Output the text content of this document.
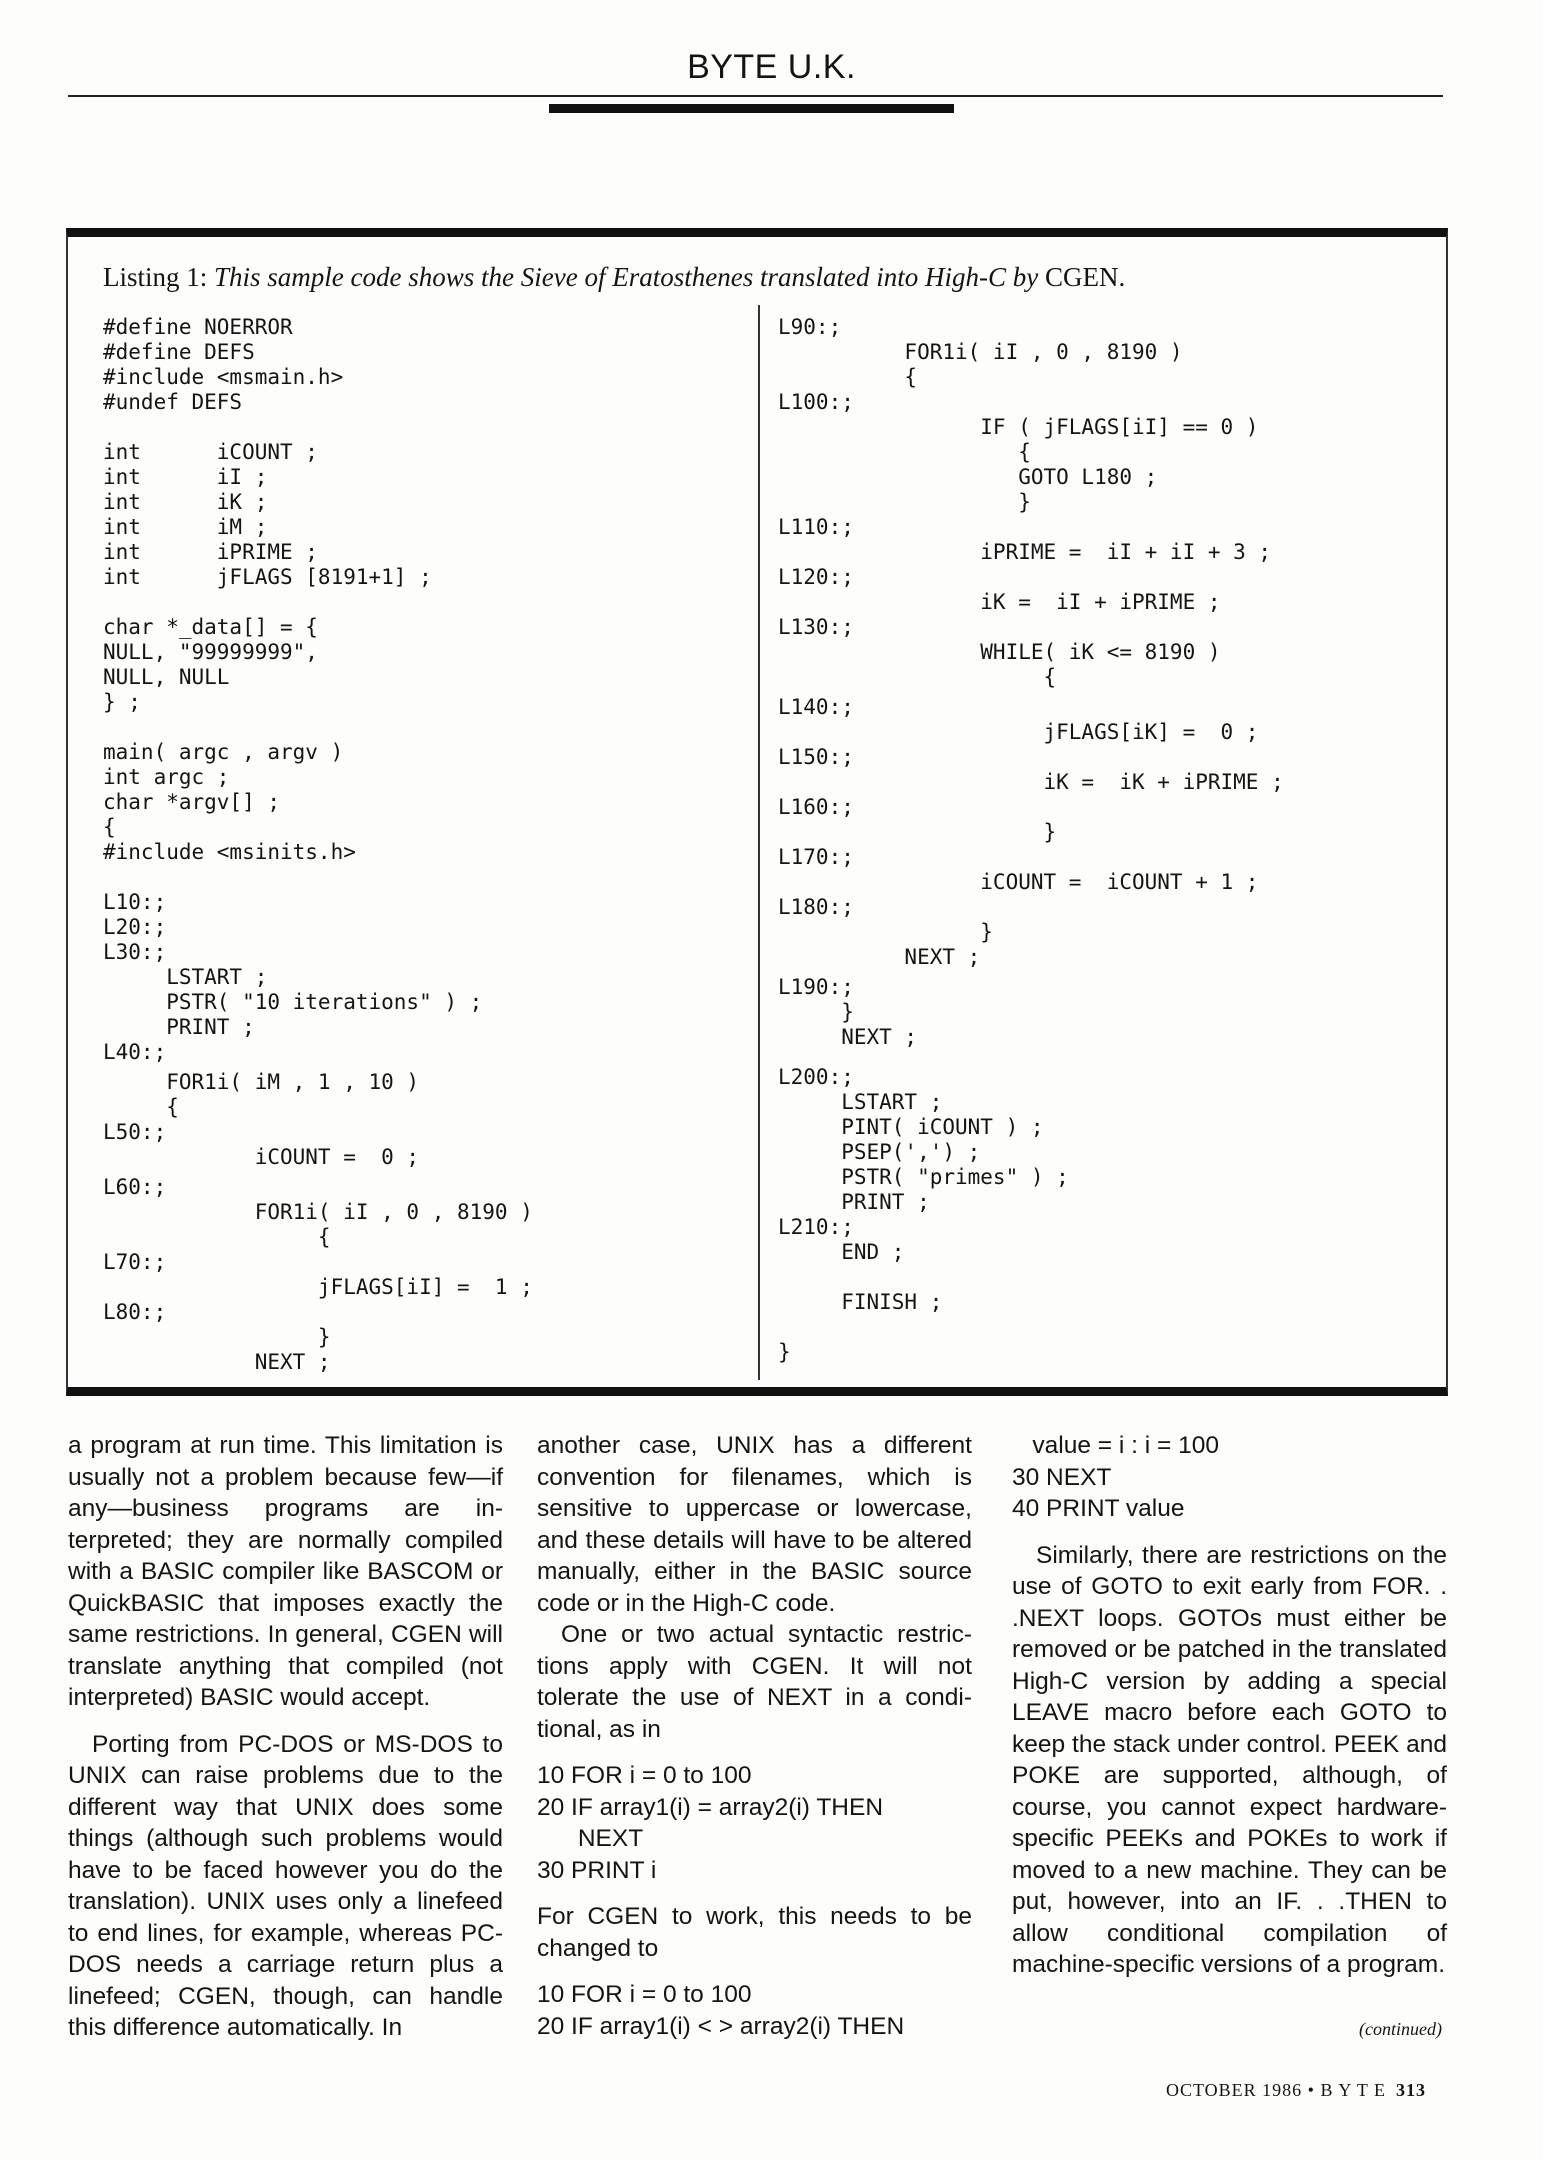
BYTE U.K.
Listing 1: This sample code shows the Sieve of Eratosthenes translated into High-C by CGEN.
#define NOERROR
#define DEFS
#include <msmain.h>
#undef DEFS
int      iCOUNT ;
int      iI ;
int      iK ;
int      iM ;
int      iPRIME ;
int      jFLAGS [8191+1] ;
char *_data[] = {
NULL, "99999999",
NULL, NULL
} ;
main( argc , argv )
int argc ;
char *argv[] ;
{
#include <msinits.h>
L10:;
L20:;
L30:;
LSTART ;
PSTR( "10 iterations" ) ;
PRINT ;
L40:;
FOR1i( iM , 1 , 10 )
{
L50:;
iCOUNT =  0 ;
L60:;
FOR1i( iI , 0 , 8190 )
{
L70:;
jFLAGS[iI] =  1 ;
L80:;
}
NEXT ;
L90:;
FOR1i( iI , 0 , 8190 )
{
L100:;
IF ( jFLAGS[iI] == 0 )
{
GOTO L180 ;
}
L110:;
iPRIME =  iI + iI + 3 ;
L120:;
iK =  iI + iPRIME ;
L130:;
WHILE( iK <= 8190 )
{
L140:;
jFLAGS[iK] =  0 ;
L150:;
iK =  iK + iPRIME ;
L160:;
}
L170:;
iCOUNT =  iCOUNT + 1 ;
L180:;
}
NEXT ;
L190:;
}
NEXT ;
L200:;
LSTART ;
PINT( iCOUNT ) ;
PSEP(',') ;
PSTR( "primes" ) ;
PRINT ;
L210:;
END ;
FINISH ;
}

a program at run time. This limitation is usually not a problem because few—if any—business programs are interpreted; they are normally compiled with a BASIC compiler like BASCOM or QuickBASIC that imposes exactly the same restrictions. In general, CGEN will translate anything that compiled (not interpreted) BASIC would accept.

Porting from PC-DOS or MS-DOS to UNIX can raise problems due to the different way that UNIX does some things (although such problems would have to be faced however you do the translation). UNIX uses only a linefeed to end lines, for example, whereas PC-DOS needs a carriage return plus a linefeed; CGEN, though, can handle this difference automatically. In

another case, UNIX has a different convention for filenames, which is sensitive to uppercase or lowercase, and these details will have to be altered manually, either in the BASIC source code or in the High-C code.

One or two actual syntactic restrictions apply with CGEN. It will not tolerate the use of NEXT in a conditional, as in

10 FOR i = 0 to 100
20 IF array1(i) = array2(i) THEN
NEXT
30 PRINT i

For CGEN to work, this needs to be changed to

10 FOR i = 0 to 100
20 IF array1(i) < > array2(i) THEN

value = i : i = 100
30 NEXT
40 PRINT value

Similarly, there are restrictions on the use of GOTO to exit early from FOR. . .NEXT loops. GOTOs must either be removed or be patched in the translated High-C version by adding a special LEAVE macro before each GOTO to keep the stack under control. PEEK and POKE are supported, although, of course, you cannot expect hardware-specific PEEKs and POKEs to work if moved to a new machine. They can be put, however, into an IF. . .THEN to allow conditional compilation of machine-specific versions of a program.

(continued)
OCTOBER 1986 • B Y T E 313
